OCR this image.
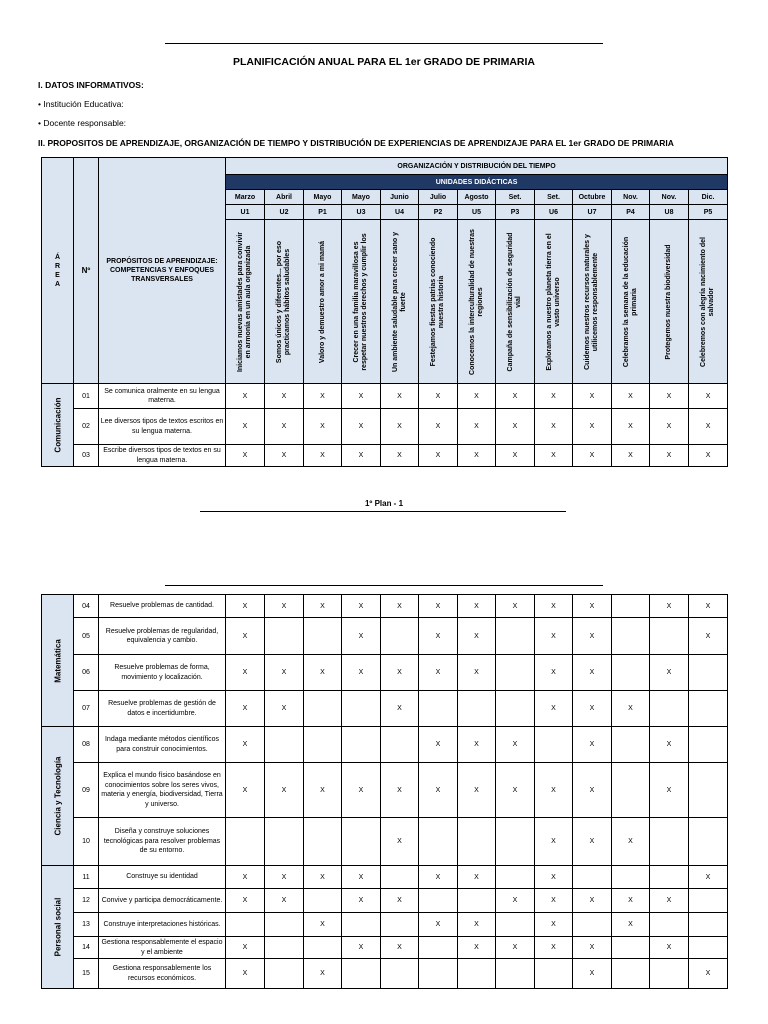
PLANIFICACIÓN ANUAL PARA EL 1er GRADO DE PRIMARIA
I. DATOS INFORMATIVOS:
• Institución Educativa:
• Docente responsable:
II. PROPOSITOS DE APRENDIZAJE, ORGANIZACIÓN DE TIEMPO Y DISTRIBUCIÓN DE EXPERIENCIAS DE APRENDIZAJE PARA EL 1er GRADO DE PRIMARIA
Á R E A	Nº	PROPÓSITOS DE APRENDIZAJE: COMPETENCIAS Y ENFOQUES TRANSVERSALES	ORGANIZACIÓN Y DISTRIBUCIÓN DEL TIEMPO												
			UNIDADES DIDÁCTICAS												
			Marzo	Abril	Mayo	Mayo	Junio	Julio	Agosto	Set.	Set.	Octubre	Nov.	Nov.	Dic.
			U1	U2	P1	U3	U4	P2	U5	P3	U6	U7	P4	U8	P5

			Iniciamos nuevas amistades para convivir en armonía en un aula organizada	Somos únicos y diferentes... por eso practicamos hábitos saludables	Valoro y demuestro amor a mi mamá	Crecer en una familia maravillosa es respetar nuestros derechos y cumplir los	Un ambiente saludable para crecer sano y fuerte	Festejamos fiestas patrias conociendo nuestra historia	Conocemos la interculturalidad de nuestras regiones	Campaña de sensibilización de seguridad vial	Exploramos a nuestro planeta tierra en el vasto universo	Cuidemos nuestros recursos naturales y utilicemos responsablemente	Celebramos la semana de la educación primaria	Protegemos nuestra biodiversidad	Celebremos con alegría nacimiento del salvador

Comunicación	01	Se comunica oralmente en su lengua materna.	X	X	X	X	X	X	X	X	X	X	X	X	X
	02	Lee diversos tipos de textos escritos en su lengua materna.	X	X	X	X	X	X	X	X	X	X	X	X	X
	03	Escribe diversos tipos de textos en su lengua materna.	X	X	X	X	X	X	X	X	X	X	X	X	X
1º Plan - 1
Matemática	04	Resuelve problemas de cantidad.	X	X	X	X	X	X	X	X	X	X		X	X
	05	Resuelve problemas de regularidad, equivalencia y cambio.	X			X		X	X		X	X			X
	06	Resuelve problemas de forma, movimiento y localización.	X	X	X	X	X	X	X		X	X		X	
	07	Resuelve problemas de gestión de datos e incertidumbre.	X	X			X				X	X	X		

Ciencia y Tecnología	08	Indaga mediante métodos científicos para construir conocimientos.	X					X	X	X		X		X	
	09	Explica el mundo físico basándose en conocimientos sobre los seres vivos, materia y energía, biodiversidad, Tierra y universo.	X	X	X	X	X	X	X	X	X	X		X	
	10	Diseña y construye soluciones tecnológicas para resolver problemas de su entorno.					X				X	X	X		

Personal social	11	Construye su identidad	X	X	X	X		X	X		X				X
	12	Convive y participa democráticamente.	X	X		X	X			X	X	X	X	X	
	13	Construye interpretaciones históricas.			X			X	X		X		X		
	14	Gestiona responsablemente el espacio y el ambiente	X			X	X		X	X	X	X		X	
	15	Gestiona responsablemente los recursos económicos.	X		X							X			X
